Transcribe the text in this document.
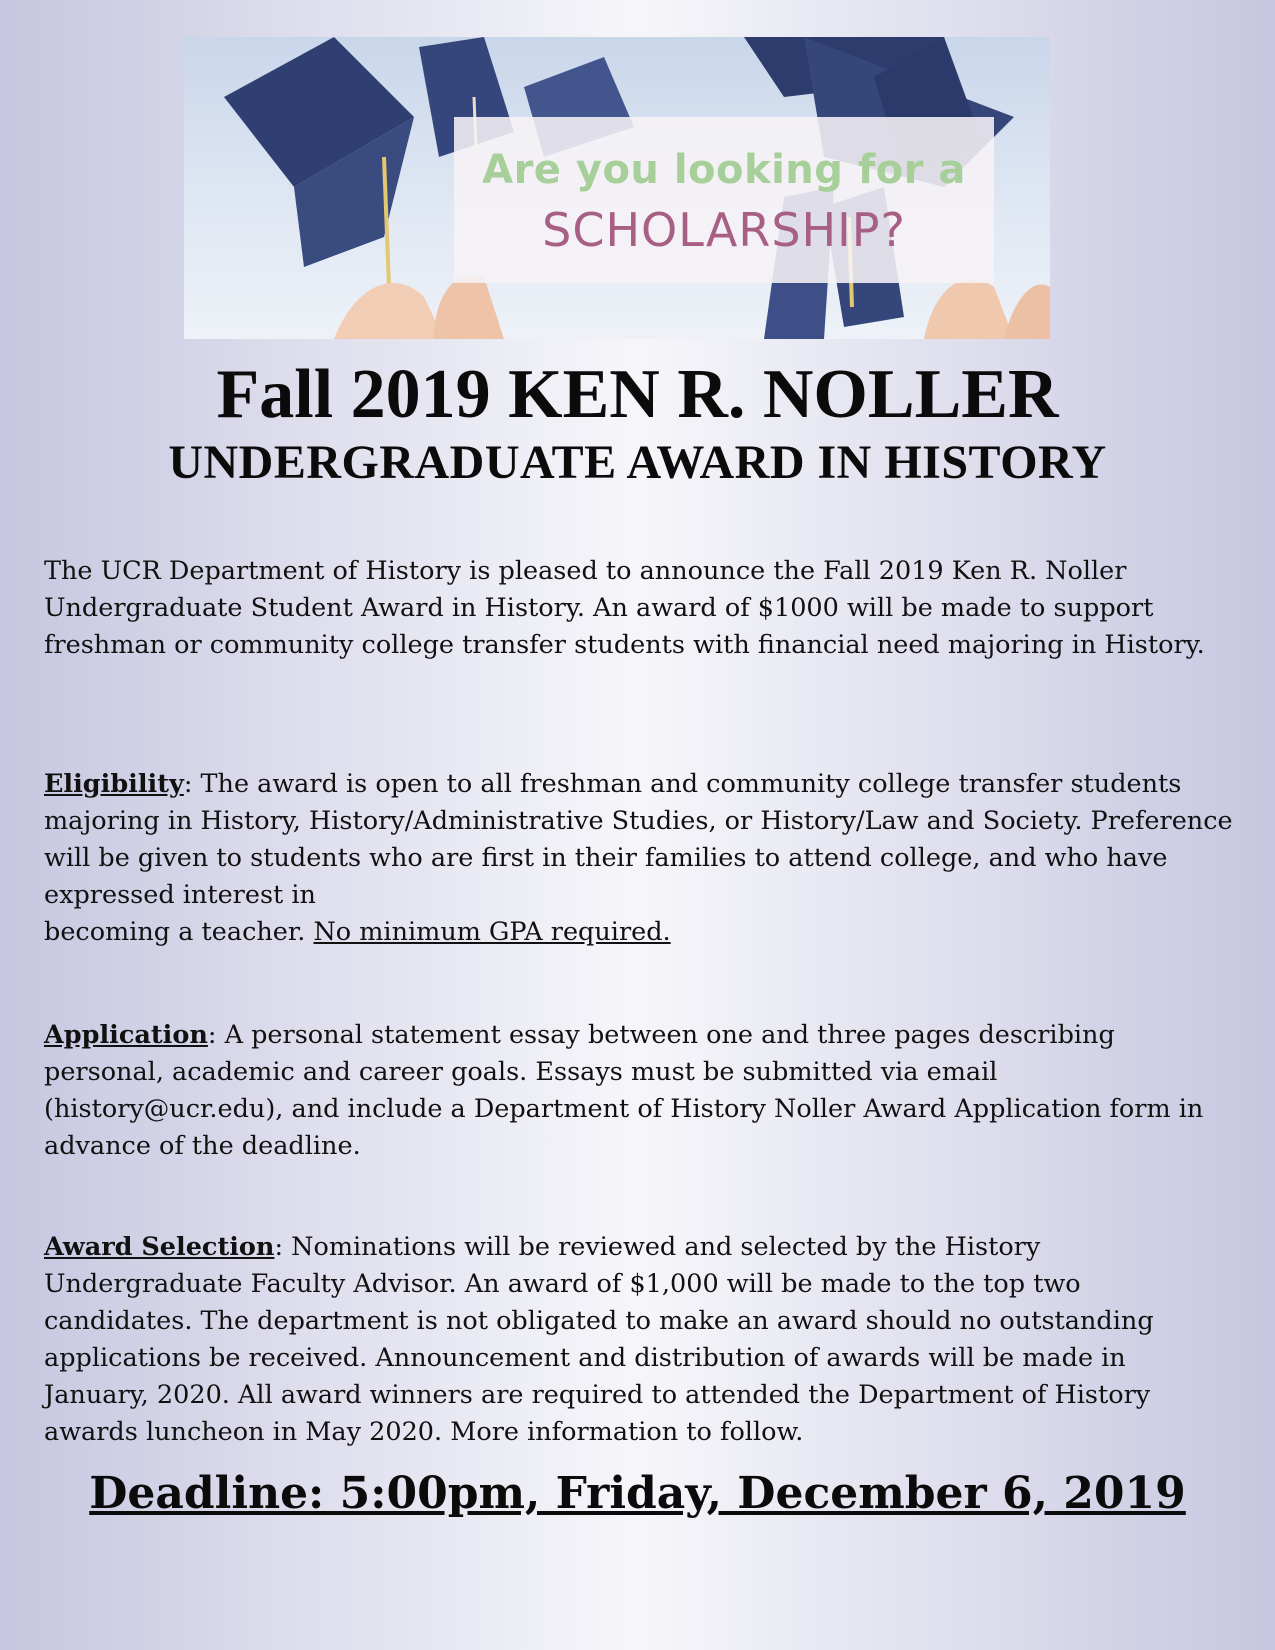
Are you looking for a
SCHOLARSHIP?
Fall 2019 KEN R. NOLLER
UNDERGRADUATE AWARD IN HISTORY

The UCR Department of History is pleased to announce the Fall 2019 Ken R. Noller Undergraduate Student Award in History. An award of $1000 will be made to support freshman or community college transfer students with financial need majoring in History.

Eligibility: The award is open to all freshman and community college transfer students majoring in History, History/Administrative Studies, or History/Law and Society. Preference will be given to students who are first in their families to attend college, and who have expressed interest in
becoming a teacher. No minimum GPA required.

Application: A personal statement essay between one and three pages describing personal, academic and career goals. Essays must be submitted via email (history@ucr.edu), and include a Department of History Noller Award Application form in advance of the deadline.

Award Selection: Nominations will be reviewed and selected by the History Undergraduate Faculty Advisor. An award of $1,000 will be made to the top two candidates. The department is not obligated to make an award should no outstanding applications be received. Announcement and distribution of awards will be made in January, 2020. All award winners are required to attended the Department of History awards luncheon in May 2020. More information to follow.

Deadline: 5:00pm, Friday, December 6, 2019
